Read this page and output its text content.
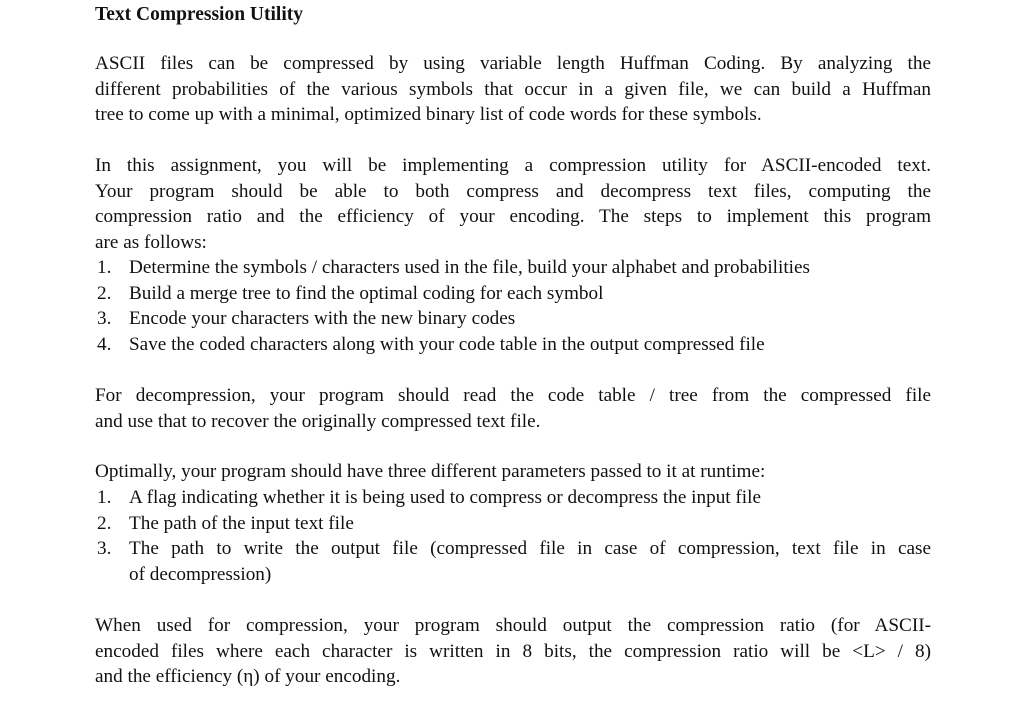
Text Compression Utility
ASCII files can be compressed by using variable length Huffman Coding. By analyzing the
different probabilities of the various symbols that occur in a given file, we can build a Huffman
tree to come up with a minimal, optimized binary list of code words for these symbols.
In this assignment, you will be implementing a compression utility for ASCII-encoded text.
Your program should be able to both compress and decompress text files, computing the
compression ratio and the efficiency of your encoding. The steps to implement this program
are as follows:
1. Determine the symbols / characters used in the file, build your alphabet and probabilities
2. Build a merge tree to find the optimal coding for each symbol
3. Encode your characters with the new binary codes
4. Save the coded characters along with your code table in the output compressed file
For decompression, your program should read the code table / tree from the compressed file
and use that to recover the originally compressed text file.
Optimally, your program should have three different parameters passed to it at runtime:
1. A flag indicating whether it is being used to compress or decompress the input file
2. The path of the input text file
3. The path to write the output file (compressed file in case of compression, text file in case
of decompression)
When used for compression, your program should output the compression ratio (for ASCII-
encoded files where each character is written in 8 bits, the compression ratio will be <L> / 8)
and the efficiency (η) of your encoding.
